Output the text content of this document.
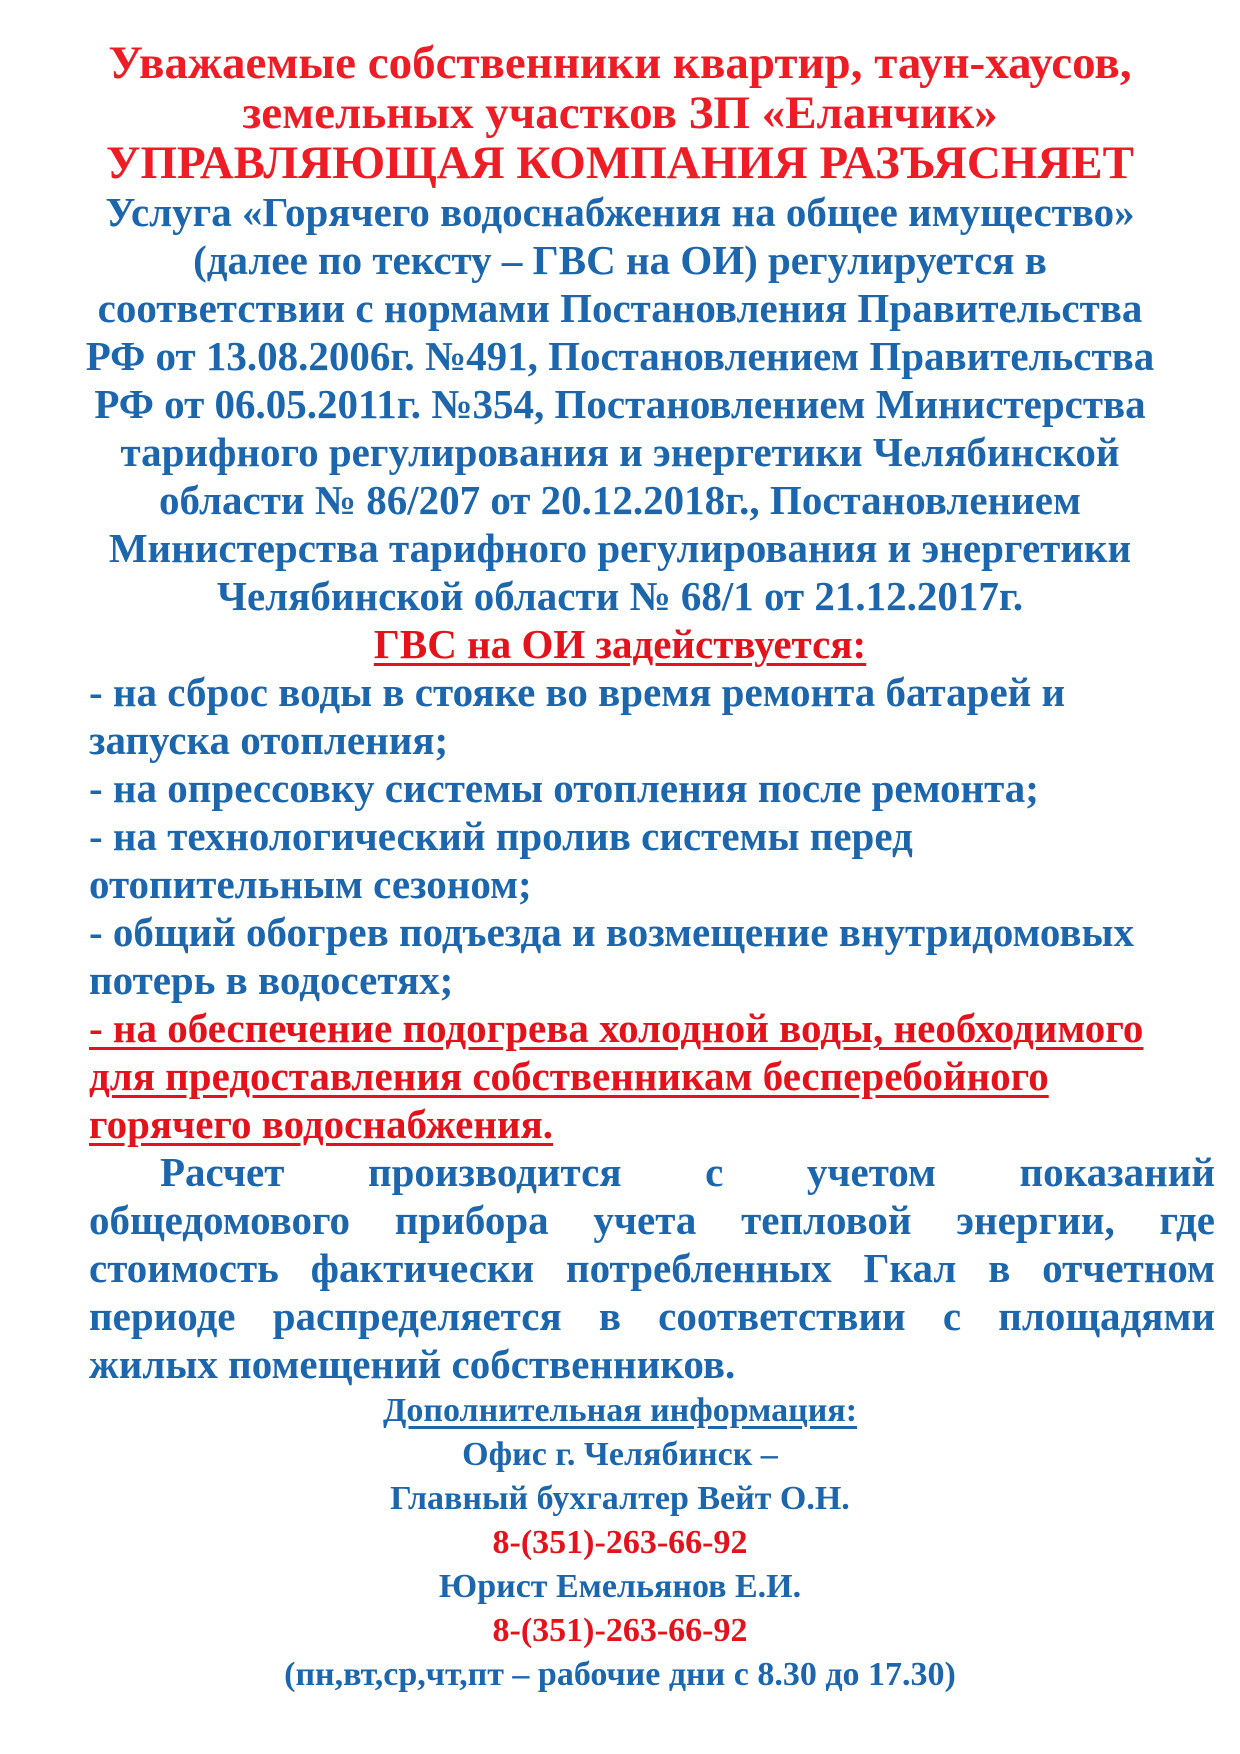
Уважаемые собственники квартир, таун-хаусов,
земельных участков ЗП «Еланчик»
УПРАВЛЯЮЩАЯ КОМПАНИЯ РАЗЪЯСНЯЕТ
Услуга «Горячего водоснабжения на общее имущество»
(далее по тексту – ГВС на ОИ) регулируется в
соответствии с нормами Постановления Правительства
РФ от 13.08.2006г. №491, Постановлением Правительства
РФ от 06.05.2011г. №354, Постановлением Министерства
тарифного регулирования и энергетики Челябинской
области № 86/207 от 20.12.2018г., Постановлением
Министерства тарифного регулирования и энергетики
Челябинской области № 68/1 от 21.12.2017г.
ГВС на ОИ задействуется:
- на сброс воды в стояке во время ремонта батарей и
запуска отопления;
- на опрессовку системы отопления после ремонта;
- на технологический пролив системы перед
отопительным сезоном;
- общий обогрев подъезда и возмещение внутридомовых
потерь в водосетях;
- на обеспечение подогрева холодной воды, необходимого
для предоставления собственникам бесперебойного
горячего водоснабжения.
Расчет производится с учетом показаний
общедомового прибора учета тепловой энергии, где
стоимость фактически потребленных Гкал в отчетном
периоде распределяется в соответствии с площадями
жилых помещений собственников.
Дополнительная информация:
Офис г. Челябинск –
Главный бухгалтер Вейт О.Н.
8-(351)-263-66-92
Юрист Емельянов Е.И.
8-(351)-263-66-92
(пн,вт,ср,чт,пт – рабочие дни с 8.30 до 17.30)
